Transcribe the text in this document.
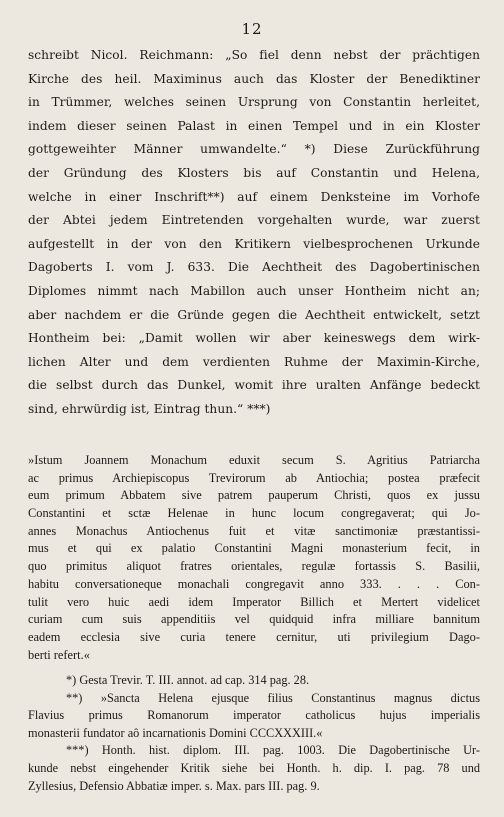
12
schreibt Nicol. Reichmann: „So fiel denn nebst der prächtigen
Kirche des heil. Maximinus auch das Kloster der Benediktiner
in Trümmer, welches seinen Ursprung von Constantin herleitet,
indem dieser seinen Palast in einen Tempel und in ein Kloster
gottgeweihter Männer umwandelte.“ *) Diese Zurückführung
der Gründung des Klosters bis auf Constantin und Helena,
welche in einer Inschrift**) auf einem Denksteine im Vorhofe
der Abtei jedem Eintretenden vorgehalten wurde, war zuerst
aufgestellt in der von den Kritikern vielbesprochenen Urkunde
Dagoberts I. vom J. 633. Die Aechtheit des Dagobertinischen
Diplomes nimmt nach Mabillon auch unser Hontheim nicht an;
aber nachdem er die Gründe gegen die Aechtheit entwickelt, setzt
Hontheim bei: „Damit wollen wir aber keineswegs dem wirk-
lichen Alter und dem verdienten Ruhme der Maximin-Kirche,
die selbst durch das Dunkel, womit ihre uralten Anfänge bedeckt
sind, ehrwürdig ist, Eintrag thun.“ ***)
»Istum Joannem Monachum eduxit secum S. Agritius Patriarcha
ac primus Archiepiscopus Trevirorum ab Antiochia; postea præfecit
eum primum Abbatem sive patrem pauperum Christi, quos ex jussu
Constantini et sctæ Helenae in hunc locum congregaverat; qui Jo-
annes Monachus Antiochenus fuit et vitæ sanctimoniæ præstantissi-
mus et qui ex palatio Constantini Magni monasterium fecit, in
quo primitus aliquot fratres orientales, regulæ fortassis S. Basilii,
habitu conversationeque monachali congregavit anno 333. . . . Con-
tulit vero huic aedi idem Imperator Billich et Mertert videlicet
curiam cum suis appenditiis vel quidquid infra milliare bannitum
eadem ecclesia sive curia tenere cernitur, uti privilegium Dago-
berti refert.«
*) Gesta Trevir. T. III. annot. ad cap. 314 pag. 28.
**) »Sancta Helena ejusque filius Constantinus magnus dictus
Flavius primus Romanorum imperator catholicus hujus imperialis
monasterii fundator aô incarnationis Domini CCCXXXIII.«
***) Honth. hist. diplom. III. pag. 1003. Die Dagobertinische Ur-
kunde nebst eingehender Kritik siehe bei Honth. h. dip. I. pag. 78 und
Zyllesius, Defensio Abbatiæ imper. s. Max. pars III. pag. 9.
